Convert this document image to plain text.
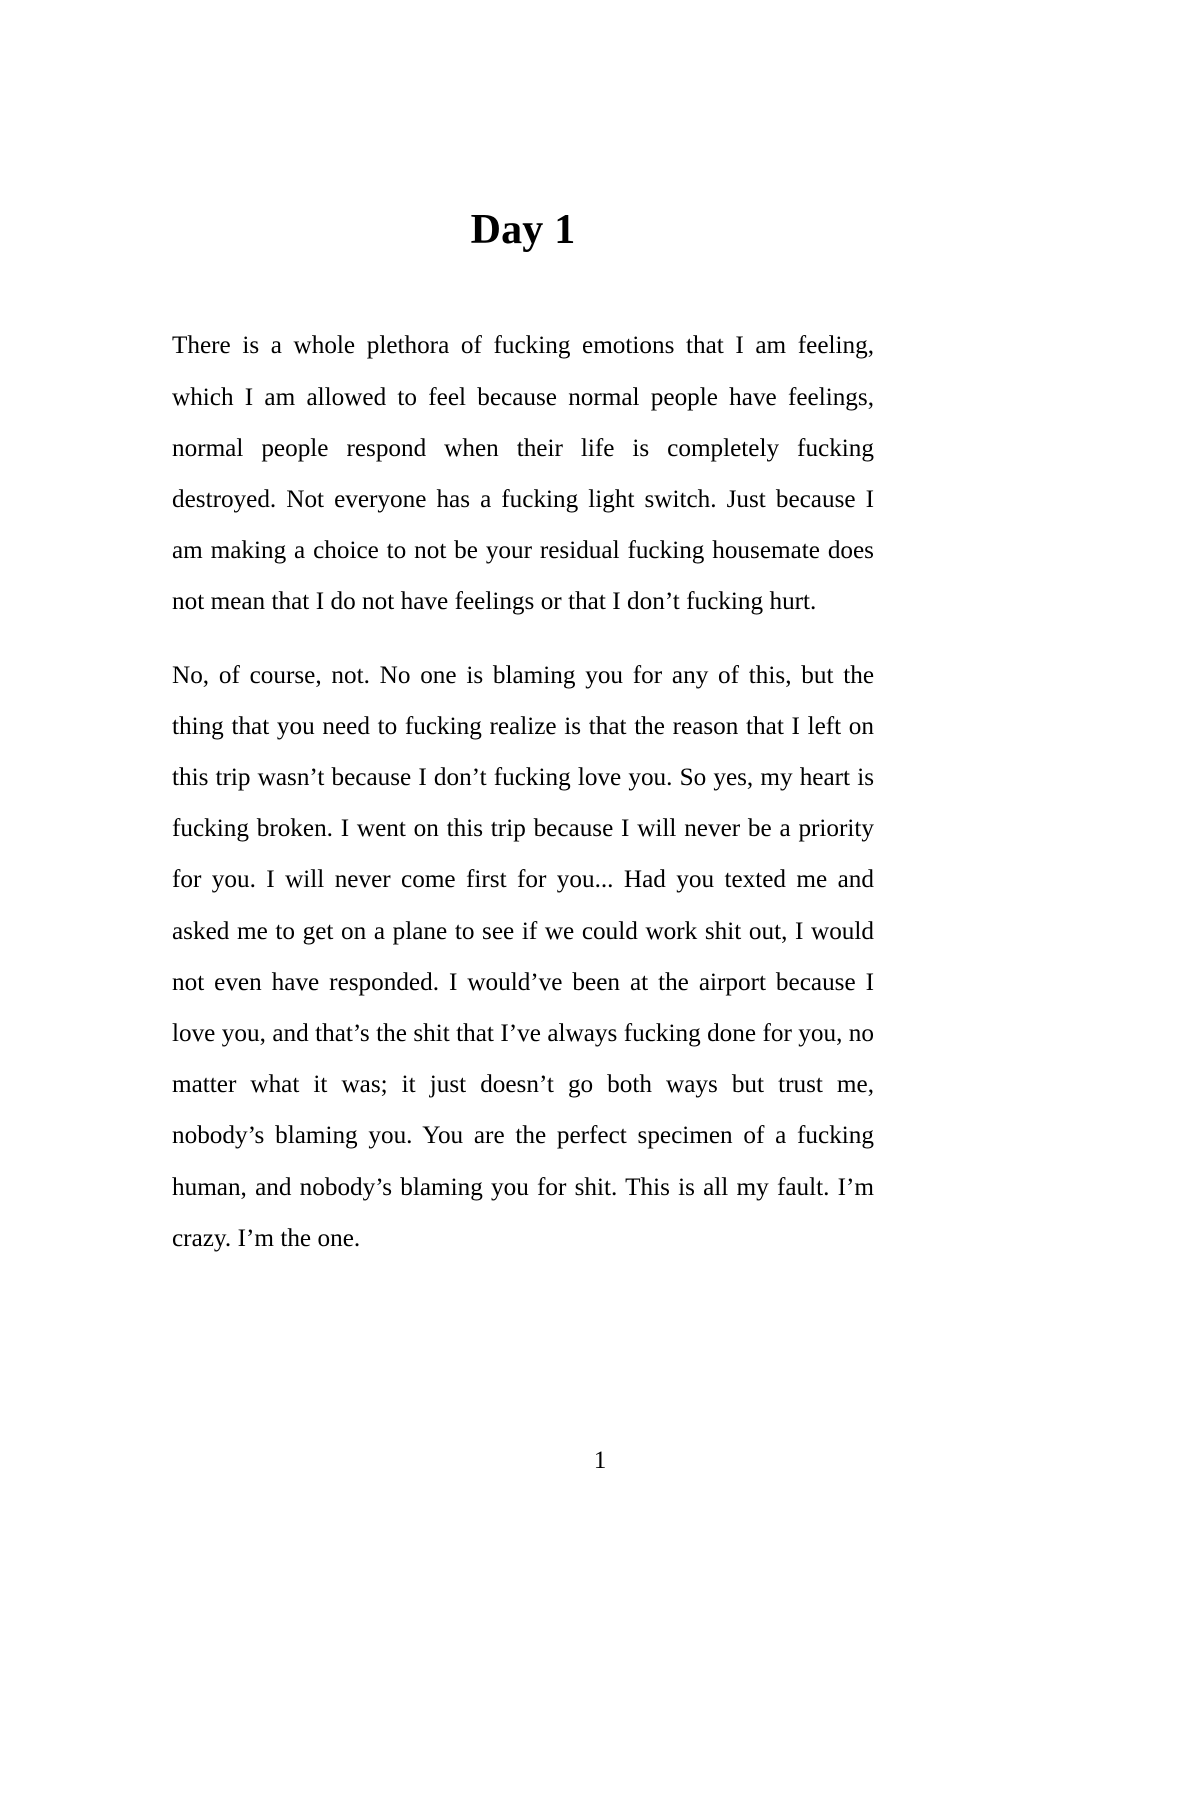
Day 1

There is a whole plethora of fucking emotions that I am feeling, which I am allowed to feel because normal people have feelings, normal people respond when their life is completely fucking destroyed. Not everyone has a fucking light switch. Just because I am making a choice to not be your residual fucking housemate does not mean that I do not have feelings or that I don’t fucking hurt.

No, of course, not. No one is blaming you for any of this, but the thing that you need to fucking realize is that the reason that I left on this trip wasn’t because I don’t fucking love you. So yes, my heart is fucking broken. I went on this trip because I will never be a priority for you. I will never come first for you... Had you texted me and asked me to get on a plane to see if we could work shit out, I would not even have responded. I would’ve been at the airport because I love you, and that’s the shit that I’ve always fucking done for you, no matter what it was; it just doesn’t go both ways but trust me, nobody’s blaming you. You are the perfect specimen of a fucking human, and nobody’s blaming you for shit. This is all my fault. I’m crazy. I’m the one.

1
